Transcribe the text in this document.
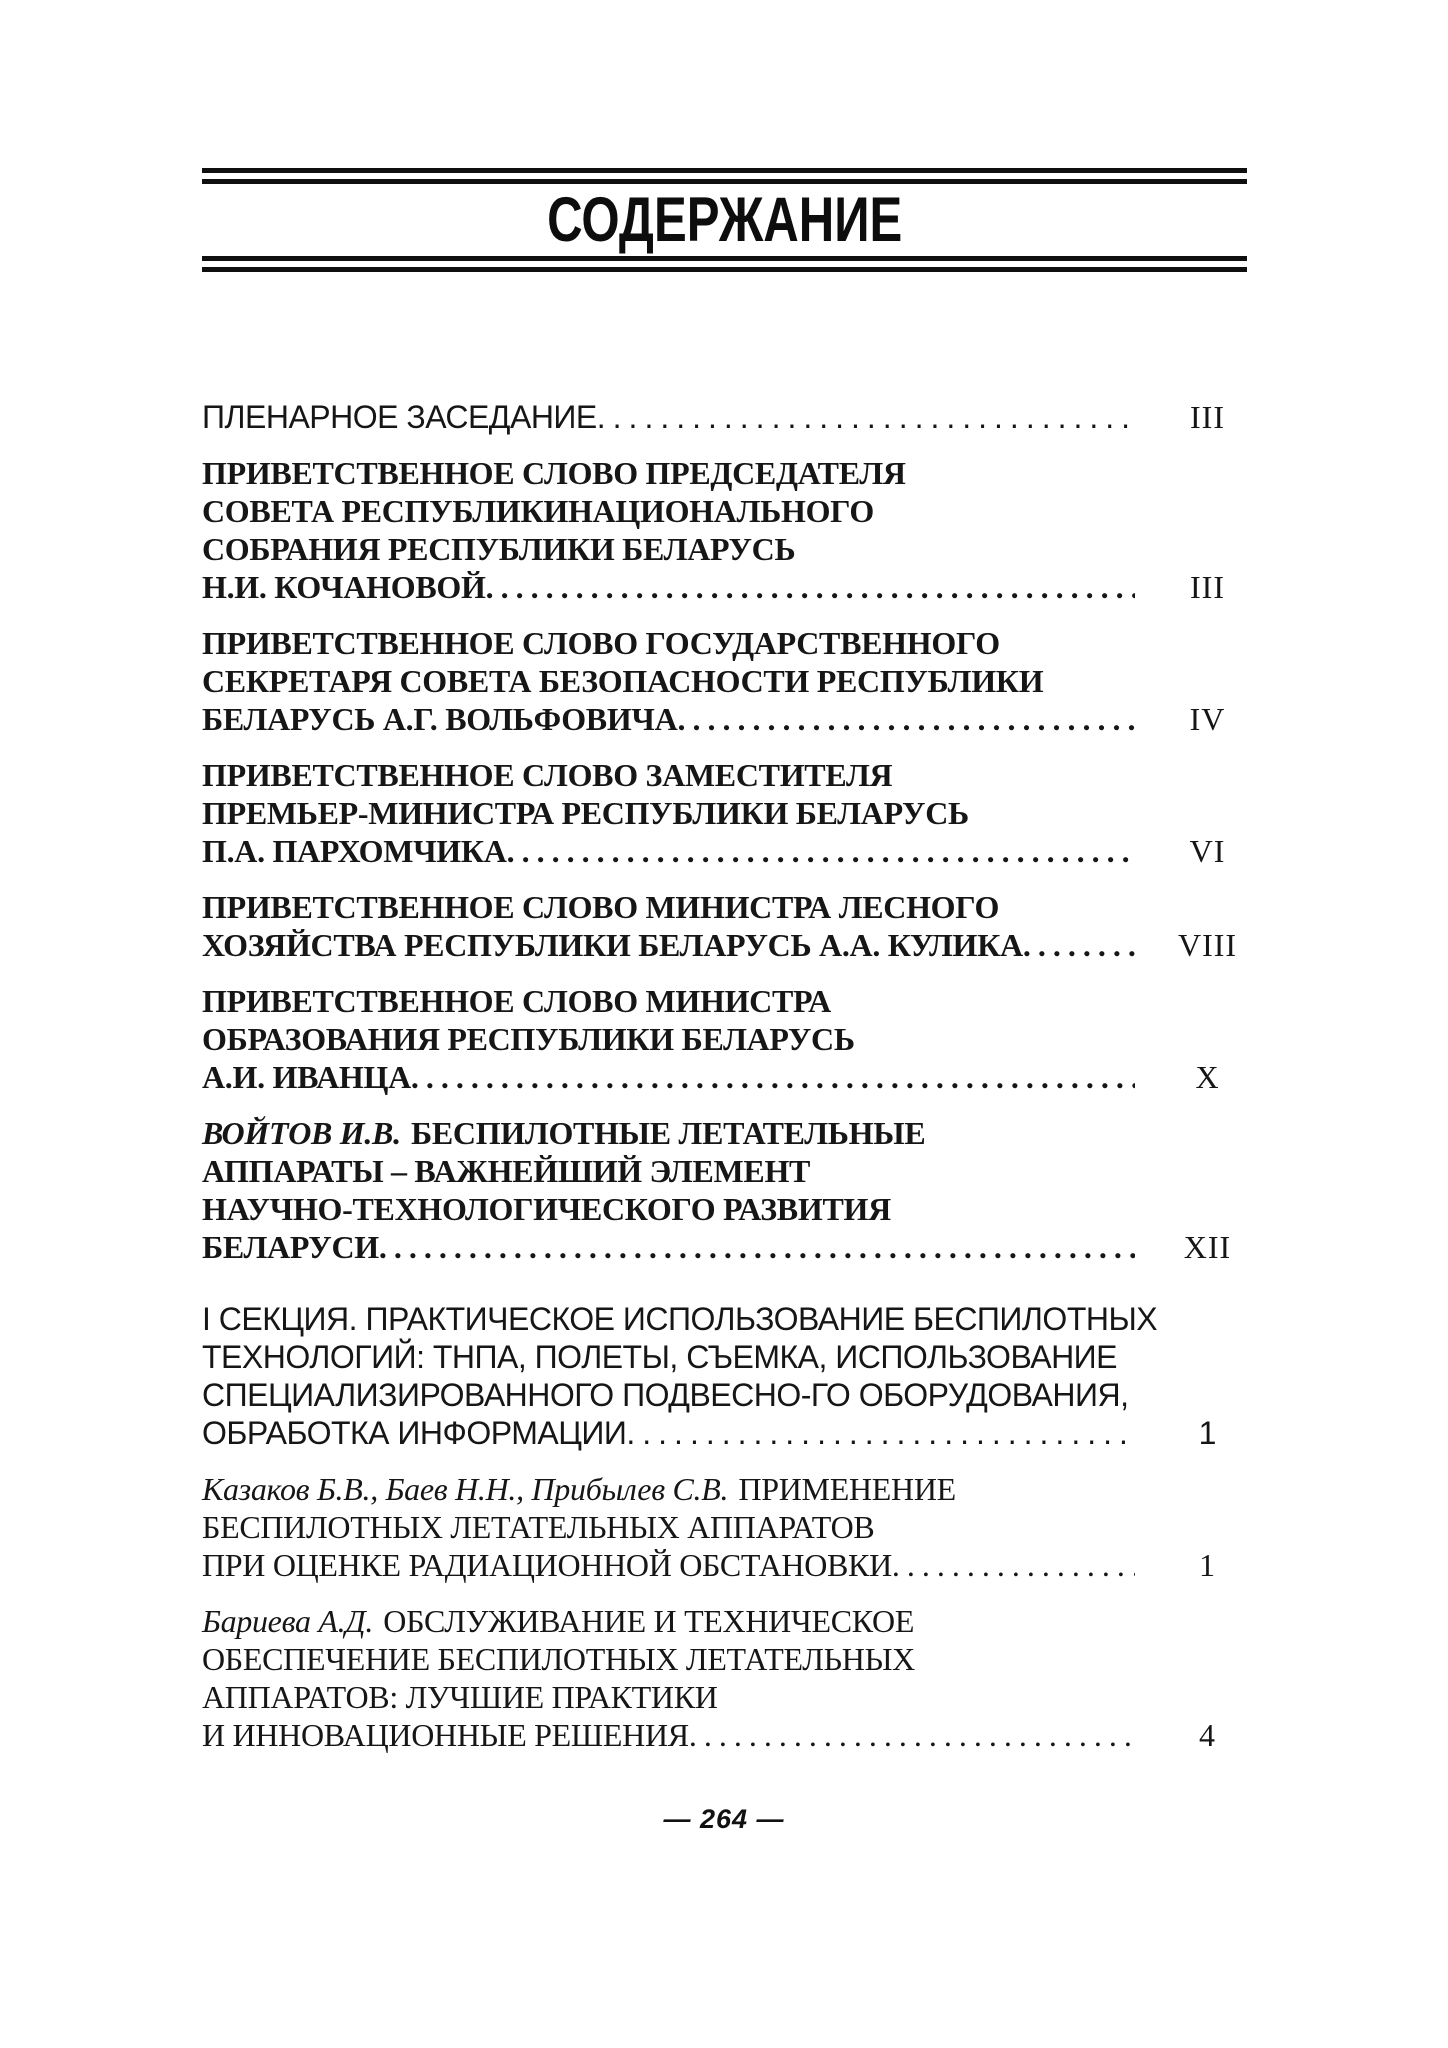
СОДЕРЖАНИЕ
ПЛЕНАРНОЕ ЗАСЕДАНИЕ .....	III
ПРИВЕТСТВЕННОЕ СЛОВО ПРЕДСЕДАТЕЛЯ
СОВЕТА РЕСПУБЛИКИНАЦИОНАЛЬНОГО
СОБРАНИЯ РЕСПУБЛИКИ БЕЛАРУСЬ
Н.И. КОЧАНОВОЙ .....	III
ПРИВЕТСТВЕННОЕ СЛОВО ГОСУДАРСТВЕННОГО
СЕКРЕТАРЯ СОВЕТА БЕЗОПАСНОСТИ РЕСПУБЛИКИ
БЕЛАРУСЬ А.Г. ВОЛЬФОВИЧА .....	IV
ПРИВЕТСТВЕННОЕ СЛОВО ЗАМЕСТИТЕЛЯ
ПРЕМЬЕР-МИНИСТРА РЕСПУБЛИКИ БЕЛАРУСЬ
П.А. ПАРХОМЧИКА .....	VI
ПРИВЕТСТВЕННОЕ СЛОВО МИНИСТРА ЛЕСНОГО
ХОЗЯЙСТВА РЕСПУБЛИКИ БЕЛАРУСЬ А.А. КУЛИКА .....	VIII
ПРИВЕТСТВЕННОЕ СЛОВО МИНИСТРА
ОБРАЗОВАНИЯ РЕСПУБЛИКИ БЕЛАРУСЬ
А.И. ИВАНЦА .....	X
ВОЙТОВ И.В. БЕСПИЛОТНЫЕ ЛЕТАТЕЛЬНЫЕ
АППАРАТЫ – ВАЖНЕЙШИЙ ЭЛЕМЕНТ
НАУЧНО-ТЕХНОЛОГИЧЕСКОГО РАЗВИТИЯ
БЕЛАРУСИ .....	XII
I СЕКЦИЯ. ПРАКТИЧЕСКОЕ ИСПОЛЬЗОВАНИЕ БЕСПИЛОТНЫХ
ТЕХНОЛОГИЙ: ТНПА, ПОЛЕТЫ, СЪЕМКА, ИСПОЛЬЗОВАНИЕ
СПЕЦИАЛИЗИРОВАННОГО ПОДВЕСНО-ГО ОБОРУДОВАНИЯ,
ОБРАБОТКА ИНФОРМАЦИИ .....	1
Казаков Б.В., Баев Н.Н., Прибылев С.В. ПРИМЕНЕНИЕ
БЕСПИЛОТНЫХ ЛЕТАТЕЛЬНЫХ АППАРАТОВ
ПРИ ОЦЕНКЕ РАДИАЦИОННОЙ ОБСТАНОВКИ .....	1
Бариева А.Д. ОБСЛУЖИВАНИЕ И ТЕХНИЧЕСКОЕ
ОБЕСПЕЧЕНИЕ БЕСПИЛОТНЫХ ЛЕТАТЕЛЬНЫХ
АППАРАТОВ: ЛУЧШИЕ ПРАКТИКИ
И ИННОВАЦИОННЫЕ РЕШЕНИЯ .....	4
— 264 —
